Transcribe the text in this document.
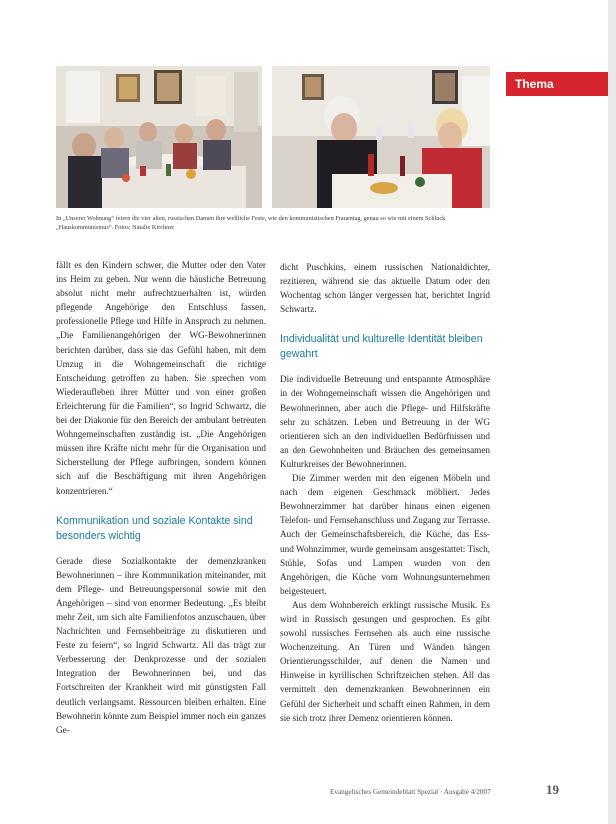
Thema

In „Unserer Wohnung“ feiern die vier alten, russischen Damen ihre weltliche Feste, wie den kommunistischen Frauentag, genau so wie mit einem Schluck „Hauskommunismus“. Fotos: Natalie Kirchner

fällt es den Kindern schwer, die Mutter oder den Vater ins Heim zu geben. Nur wenn die häusliche Betreuung absolut nicht mehr aufrechtzuerhalten ist, würden pflegende Angehörige den Entschluss fassen, professionelle Pflege und Hilfe in Anspruch zu nehmen. „Die Familienangehörigen der WG-Bewohnerinnen berichten darüber, dass sie das Gefühl haben, mit dem Umzug in die Wohngemeinschaft die richtige Entscheidung getroffen zu haben. Sie sprechen vom Wiederaufleben ihrer Mütter und von einer großen Erleichterung für die Familien“, so Ingrid Schwartz, die bei der Diakonie für den Bereich der ambulant betreuten Wohngemeinschaften zuständig ist. „Die Angehörigen müssen ihre Kräfte nicht mehr für die Organisation und Sicherstellung der Pflege aufbringen, sondern können sich auf die Beschäftigung mit ihren Angehörigen konzentrieren.“

Kommunikation und soziale Kontakte sind besonders wichtig

Gerade diese Sozialkontakte der demenzkranken Bewohnerinnen – ihre Kommunikation miteinander, mit dem Pflege- und Betreuungspersonal sowie mit den Angehörigen – sind von enormer Bedeutung. „Es bleibt mehr Zeit, um sich alte Familienfotos anzuschauen, über Nachrichten und Fernsehbeiträge zu diskutieren und Feste zu feiern“, so Ingrid Schwartz. All das trägt zur Verbesserung der Denkprozesse und der sozialen Integration der Bewohnerinnen bei, und das Fortschreiten der Krankheit wird mit günstigsten Fall deutlich verlangsamt. Ressourcen bleiben erhalten. Eine Bewohnerin könnte zum Beispiel immer noch ein ganzes Ge-

dicht Puschkins, einem russischen Nationaldichter, rezitieren, während sie das aktuelle Datum oder den Wochentag schon länger vergessen hat, berichtet Ingrid Schwartz.

Individualität und kulturelle Identität bleiben gewahrt

Die individuelle Betreuung und entspannte Atmosphäre in der Wohngemeinschaft wissen die Angehörigen und Bewohnerinnen, aber auch die Pflege- und Hilfskräfte sehr zu schätzen. Leben und Betreuung in der WG orientieren sich an den individuellen Bedürfnissen und an den Gewohnheiten und Bräuchen des gemeinsamen Kulturkreises der Bewohnerinnen.

Die Zimmer werden mit den eigenen Möbeln und nach dem eigenen Geschmack möbliert. Jedes Bewohnerzimmer hat darüber hinaus einen eigenen Telefon- und Fernsehanschluss und Zugang zur Terrasse. Auch der Gemeinschaftsbereich, die Küche, das Ess- und Wohnzimmer, wurde gemeinsam ausgestattet: Tisch, Stühle, Sofas und Lampen wurden von den Angehörigen, die Küche vom Wohnungsunternehmen beigesteuert.

Aus dem Wohnbereich erklingt russische Musik. Es wird in Russisch gesungen und gesprochen. Es gibt sowohl russisches Fernsehen als auch eine russische Wochenzeitung. An Türen und Wänden hängen Orientierungsschilder, auf denen die Namen und Hinweise in kyrillischen Schriftzeichen stehen. All das vermittelt den demenzkranken Bewohnerinnen ein Gefühl der Sicherheit und schafft einen Rahmen, in dem sie sich trotz ihrer Demenz orientieren können.

Evangelisches Gemeindeblatt Spezial · Ausgabe 4/2007	19
